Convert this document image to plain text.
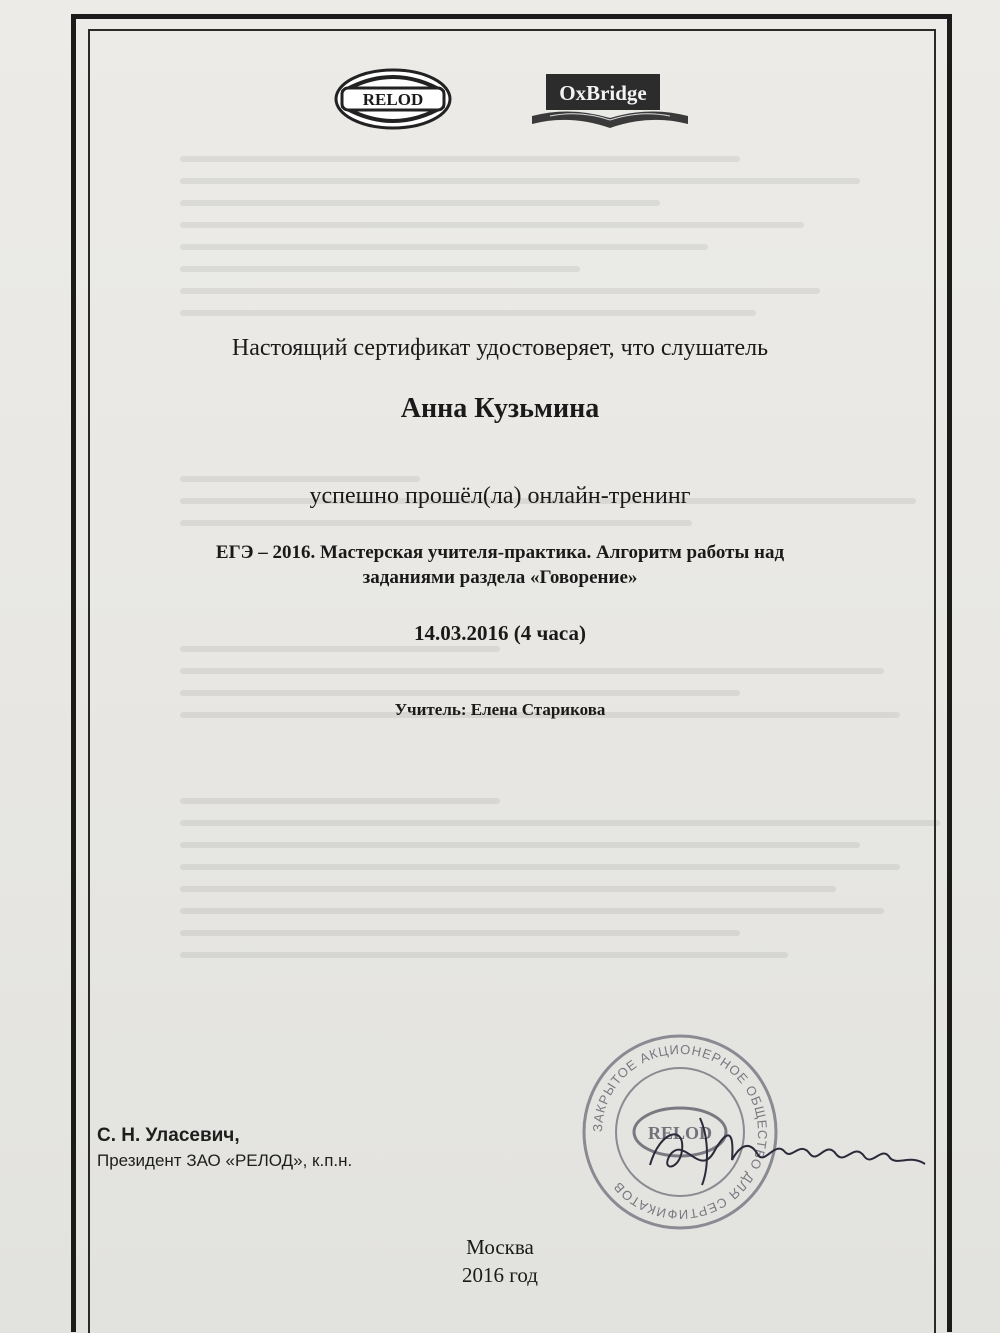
RELOD	OxBridge
Настоящий сертификат удостоверяет, что слушатель
Анна Кузьмина
успешно прошёл(ла) онлайн-тренинг
ЕГЭ – 2016. Мастерская учителя-практика. Алгоритм работы над
заданиями раздела «Говорение»
14.03.2016 (4 часа)
Учитель: Елена Старикова
С. Н. Уласевич,
Президент ЗАО «РЕЛОД», к.п.н.
ЗАКРЫТОЕ АКЦИОНЕРНОЕ ОБЩЕСТВО ДЛЯ СЕРТИФИКАТОВ
RELOD
Москва
2016 год
